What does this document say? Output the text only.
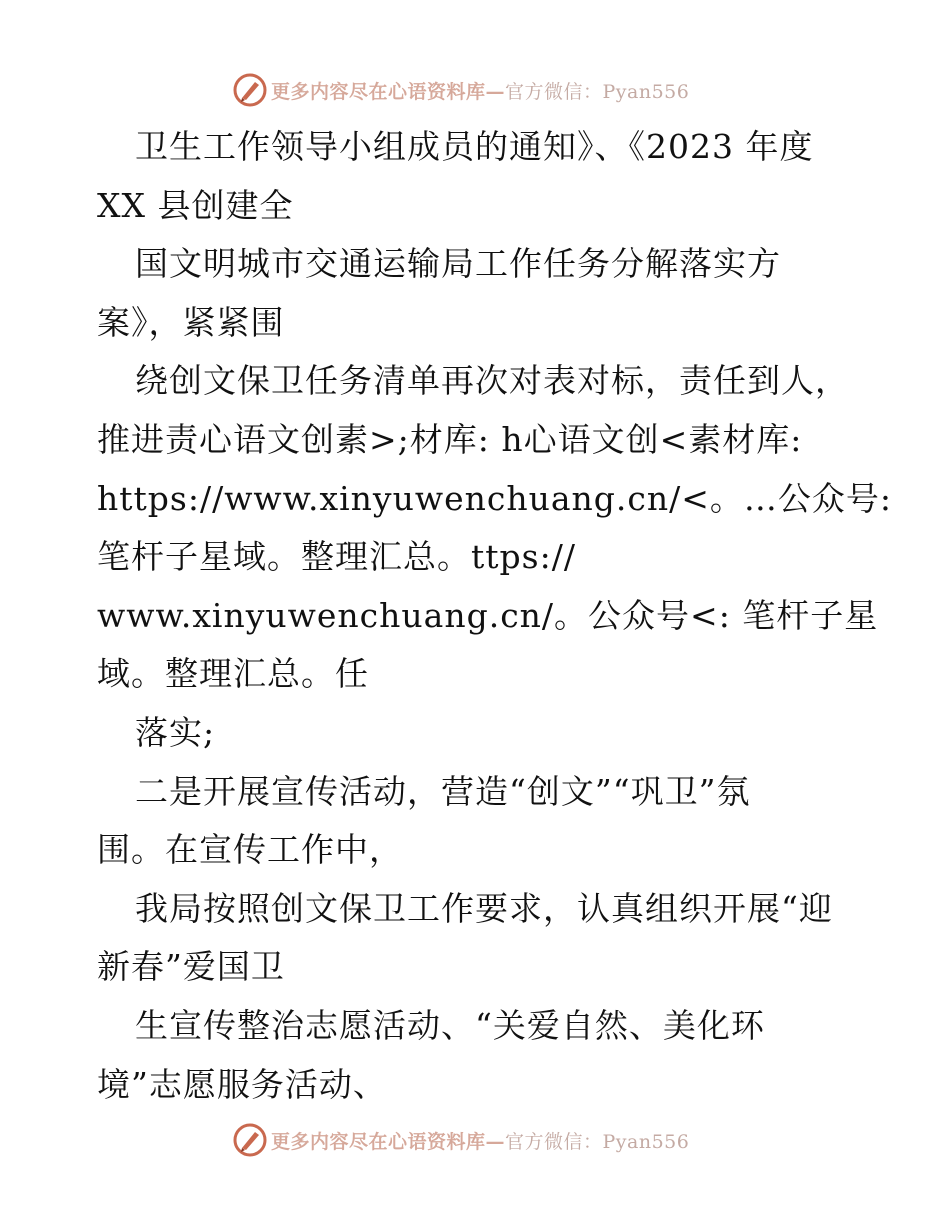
更多内容尽在心语资料库—官方微信：Pyan556
卫生工作领导小组成员的通知》、《2023 年度
XX 县创建全
国文明城市交通运输局工作任务分解落实方
案》，紧紧围
绕创文保卫任务清单再次对表对标，责任到人，
推进责心语文创素>;材库: h心语文创<素材库:
https://www.xinyuwenchuang.cn/<。…公众号:
笔杆子星域。整理汇总。ttps://
www.xinyuwenchuang.cn/。公众号<: 笔杆子星
域。整理汇总。任
落实;
二是开展宣传活动，营造“创文”“巩卫”氛
围。在宣传工作中，
我局按照创文保卫工作要求，认真组织开展“迎
新春”爱国卫
生宣传整治志愿活动、“关爱自然、美化环
境”志愿服务活动、
更多内容尽在心语资料库—官方微信：Pyan556
